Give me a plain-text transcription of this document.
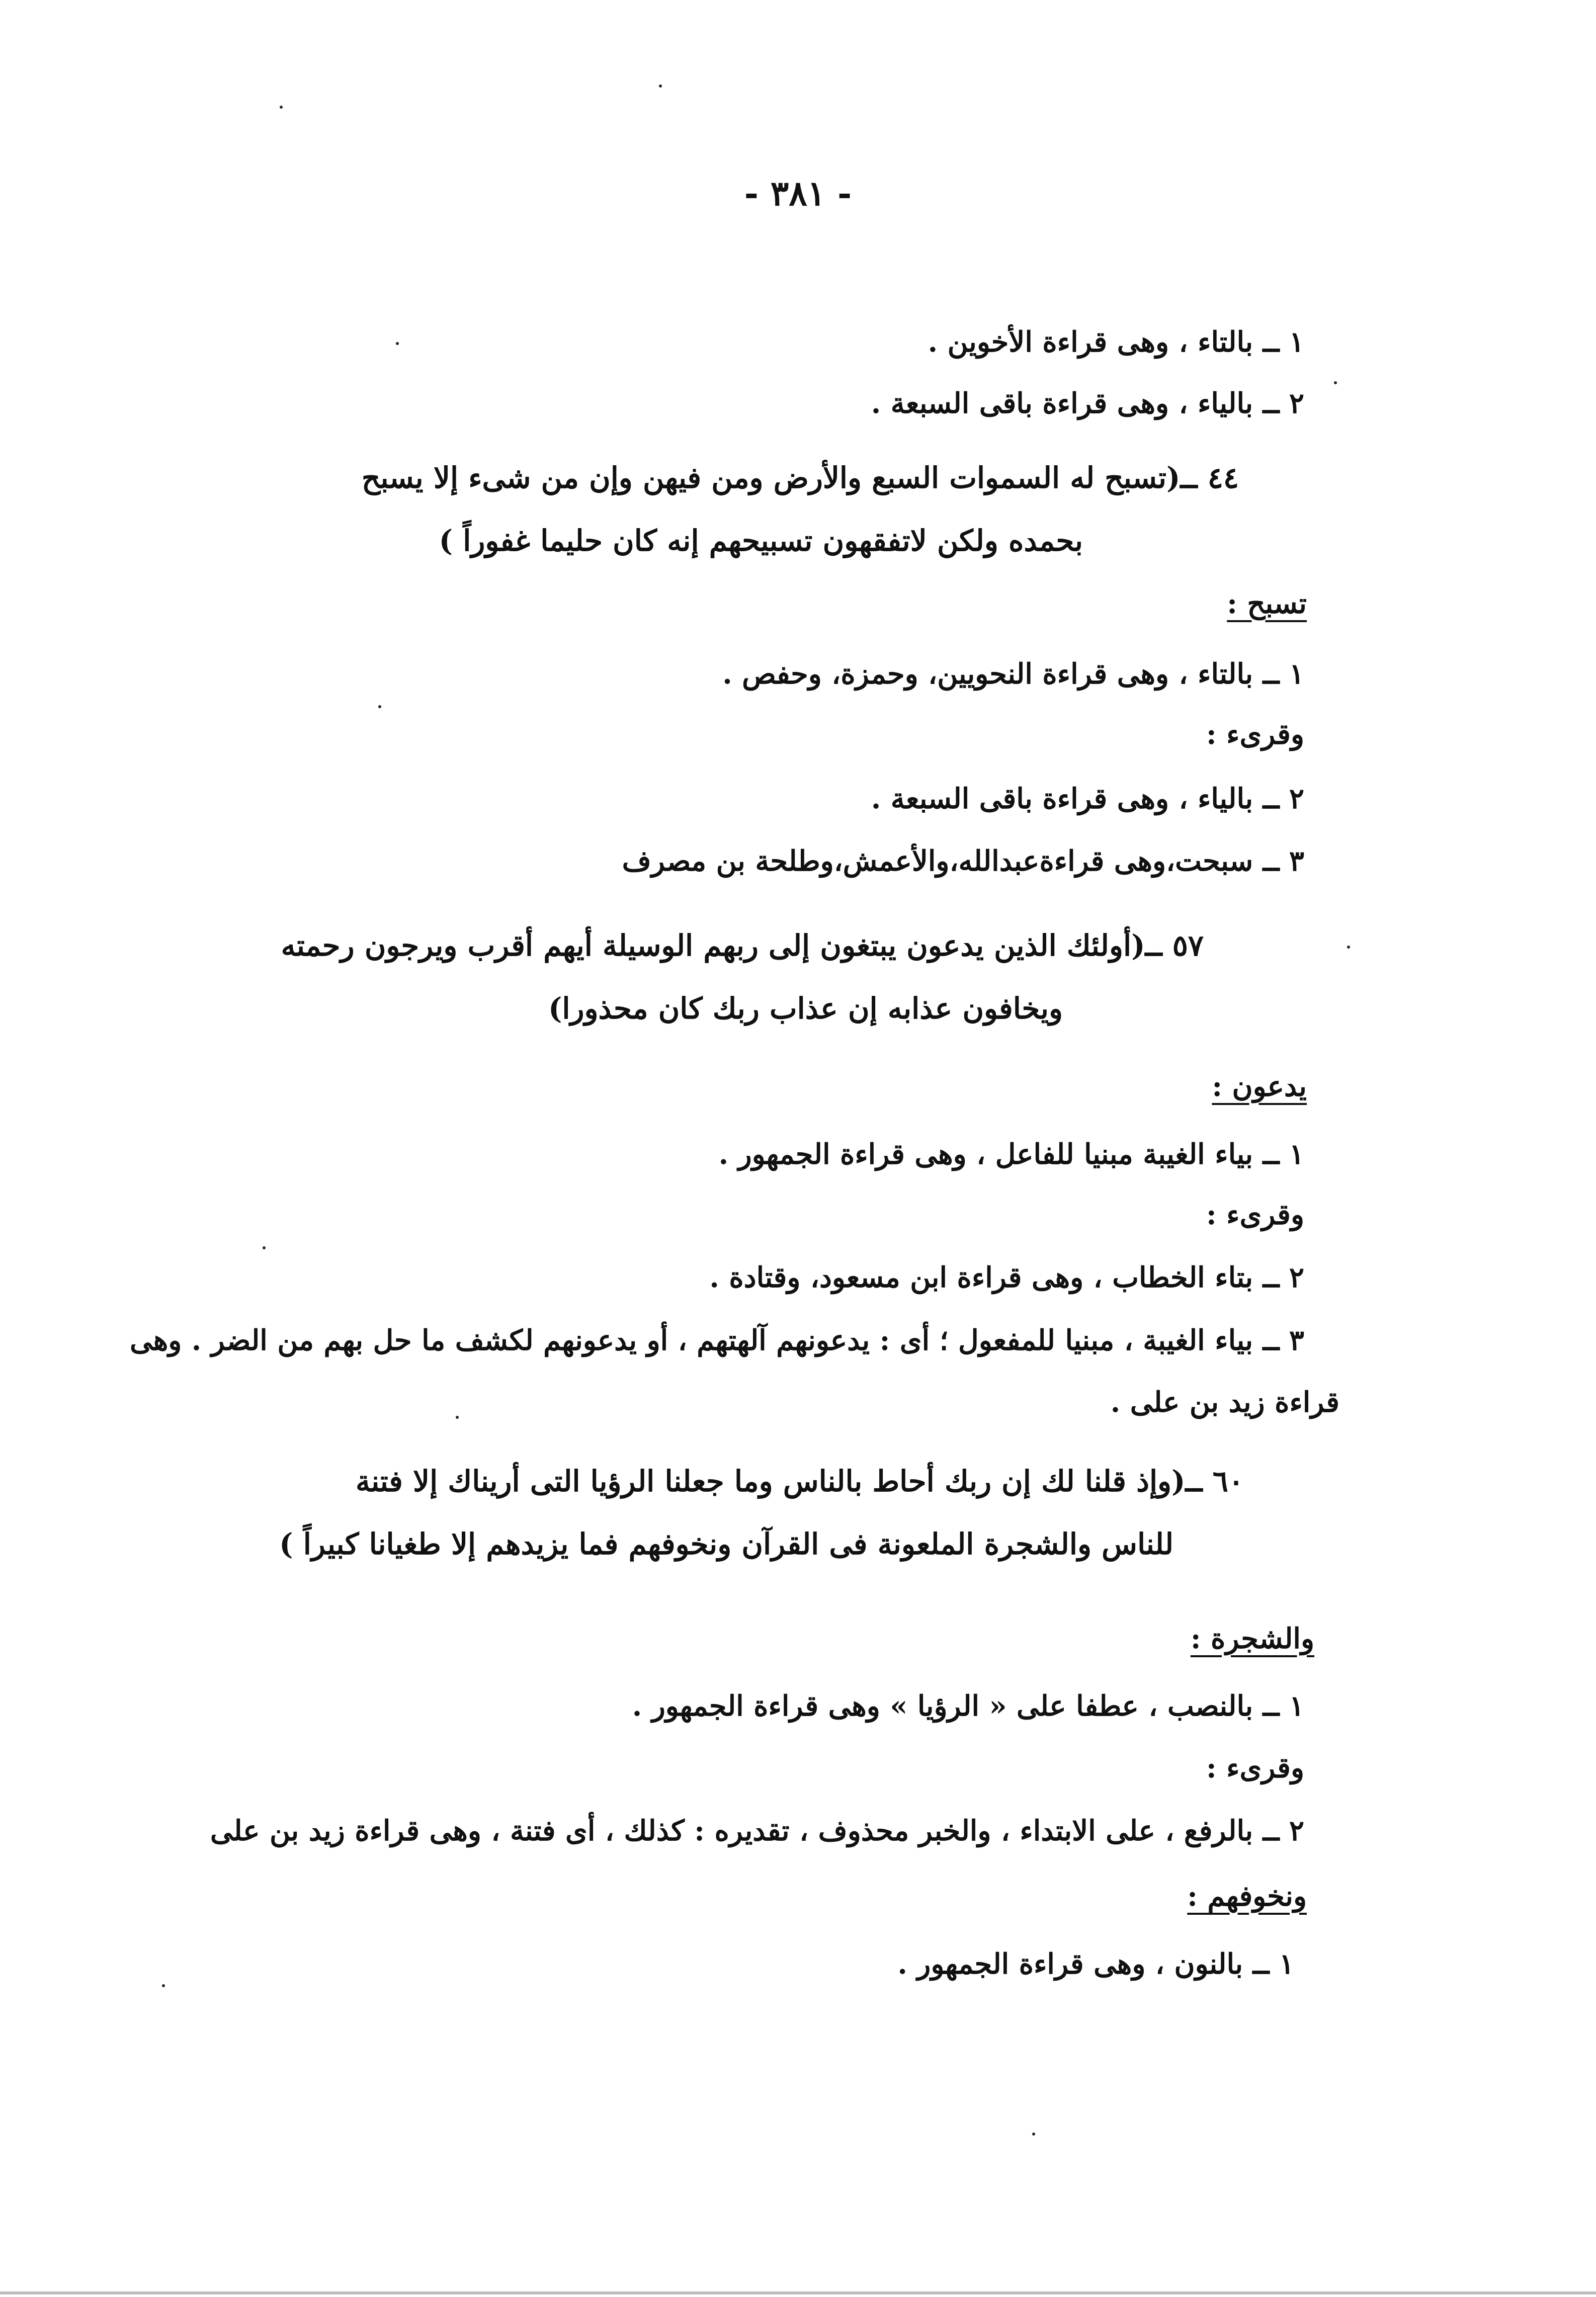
- ٣٨١ -
١ ــ بالتاء ، وهى قراءة الأخوين .
٢ ــ بالياء ، وهى قراءة باقى السبعة .
٤٤ ــ(تسبح له السموات السبع والأرض ومن فيهن وإن من شىء إلا يسبح
بحمده ولكن لاتفقهون تسبيحهم إنه كان حليما غفوراً )
تسبح :
١ ــ بالتاء ، وهى قراءة النحويين، وحمزة، وحفص .
وقرىء :
٢ ــ بالياء ، وهى قراءة باقى السبعة .
٣ ــ سبحت،وهى قراءةعبدالله،والأعمش،وطلحة بن مصرف
٥٧ ــ(أولئك الذين يدعون يبتغون إلى ربهم الوسيلة أيهم أقرب ويرجون رحمته
ويخافون عذابه إن عذاب ربك كان محذورا)
يدعون :
١ ــ بياء الغيبة مبنيا للفاعل ، وهى قراءة الجمهور .
وقرىء :
٢ ــ بتاء الخطاب ، وهى قراءة ابن مسعود، وقتادة .
٣ ــ بياء الغيبة ، مبنيا للمفعول ؛ أى : يدعونهم آلهتهم ، أو يدعونهم لكشف ما حل بهم من الضر . وهى
قراءة زيد بن على .
٦٠ ــ(وإذ قلنا لك إن ربك أحاط بالناس وما جعلنا الرؤيا التى أريناك إلا فتنة
للناس والشجرة الملعونة فى القرآن ونخوفهم فما يزيدهم إلا طغيانا كبيراً )
والشجرة :
١ ــ بالنصب ، عطفا على « الرؤيا » وهى قراءة الجمهور .
وقرىء :
٢ ــ بالرفع ، على الابتداء ، والخبر محذوف ، تقديره : كذلك ، أى فتنة ، وهى قراءة زيد بن على
ونخوفهم :
١ ــ بالنون ، وهى قراءة الجمهور .
